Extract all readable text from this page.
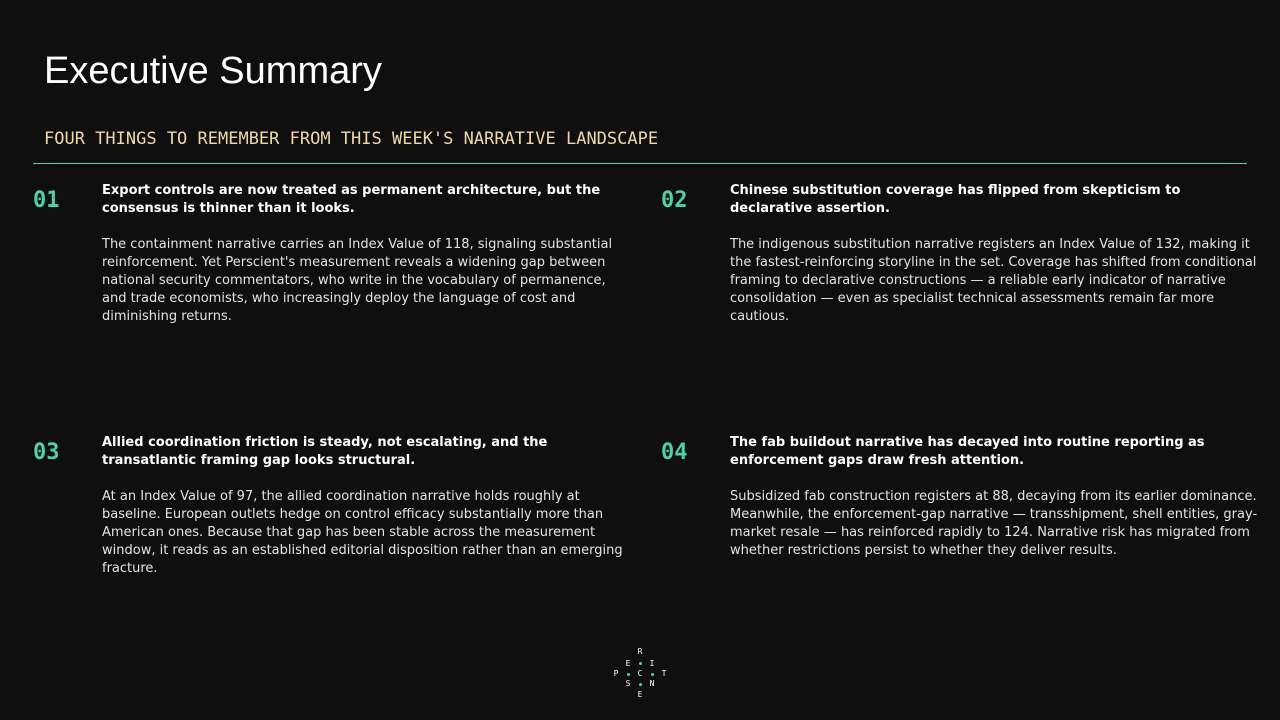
Executive Summary
FOUR THINGS TO REMEMBER FROM THIS WEEK'S NARRATIVE LANDSCAPE
01	Export controls are now treated as permanent architecture, but the consensus is thinner than it looks.

The containment narrative carries an Index Value of 118, signaling substantial reinforcement. Yet Perscient's measurement reveals a widening gap between national security commentators, who write in the vocabulary of permanence, and trade economists, who increasingly deploy the language of cost and diminishing returns.

02	Chinese substitution coverage has flipped from skepticism to declarative assertion.

The indigenous substitution narrative registers an Index Value of 132, making it the fastest-reinforcing storyline in the set. Coverage has shifted from conditional framing to declarative constructions — a reliable early indicator of narrative consolidation — even as specialist technical assessments remain far more cautious.

03	Allied coordination friction is steady, not escalating, and the transatlantic framing gap looks structural.

At an Index Value of 97, the allied coordination narrative holds roughly at baseline. European outlets hedge on control efficacy substantially more than American ones. Because that gap has been stable across the measurement window, it reads as an established editorial disposition rather than an emerging fracture.

04	The fab buildout narrative has decayed into routine reporting as enforcement gaps draw fresh attention.

Subsidized fab construction registers at 88, decaying from its earlier dominance. Meanwhile, the enforcement-gap narrative — transshipment, shell entities, gray-market resale — has reinforced rapidly to 124. Narrative risk has migrated from whether restrictions persist to whether they deliver results.

R
E	I
P	C	T
S	N
E
